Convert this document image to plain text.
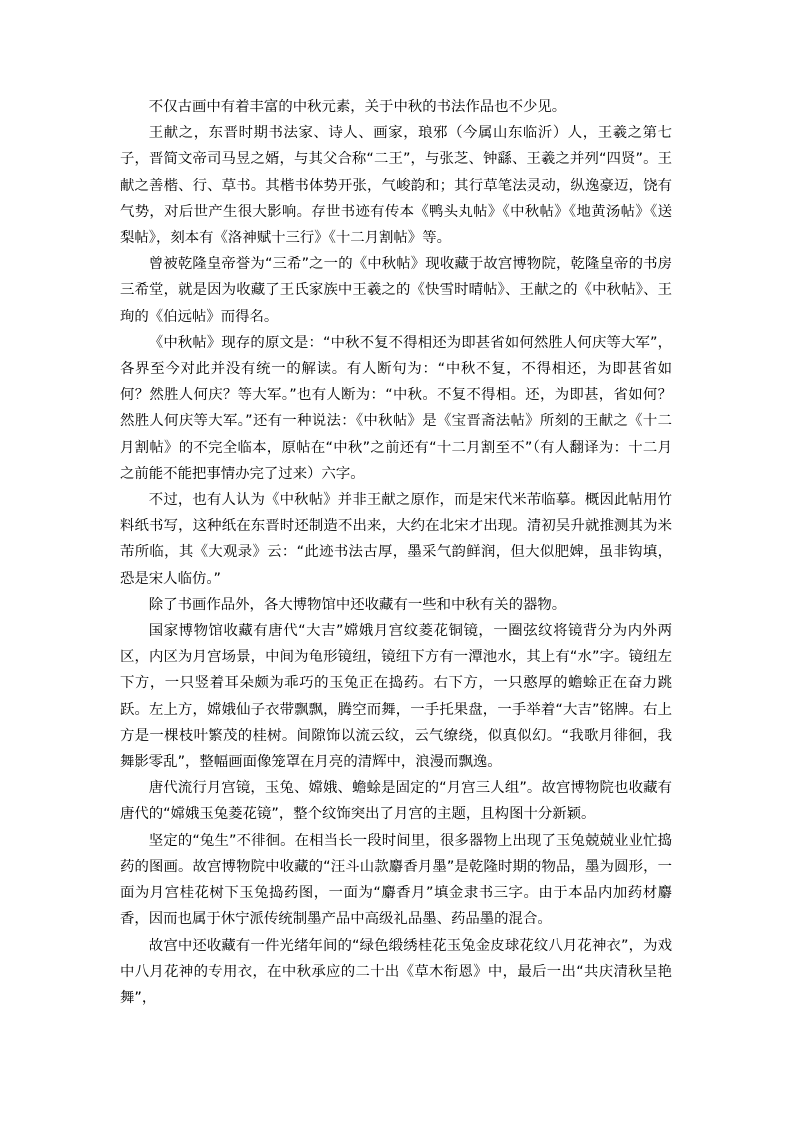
不仅古画中有着丰富的中秋元素，关于中秋的书法作品也不少见。

王献之，东晋时期书法家、诗人、画家，琅邪（今属山东临沂）人，王羲之第七子，晋简文帝司马昱之婿，与其父合称“二王”，与张芝、钟繇、王羲之并列“四贤”。王献之善楷、行、草书。其楷书体势开张，气峻韵和；其行草笔法灵动，纵逸豪迈，饶有气势，对后世产生很大影响。存世书迹有传本《鸭头丸帖》《中秋帖》《地黄汤帖》《送梨帖》，刻本有《洛神赋十三行》《十二月割帖》等。

曾被乾隆皇帝誉为“三希”之一的《中秋帖》现收藏于故宫博物院，乾隆皇帝的书房三希堂，就是因为收藏了王氏家族中王羲之的《快雪时晴帖》、王献之的《中秋帖》、王珣的《伯远帖》而得名。

《中秋帖》现存的原文是：“中秋不复不得相还为即甚省如何然胜人何庆等大军”，各界至今对此并没有统一的解读。有人断句为：“中秋不复，不得相还，为即甚省如何？然胜人何庆？等大军。”也有人断为：“中秋。不复不得相。还，为即甚，省如何？然胜人何庆等大军。”还有一种说法：《中秋帖》是《宝晋斋法帖》所刻的王献之《十二月割帖》的不完全临本，原帖在“中秋”之前还有“十二月割至不”（有人翻译为：十二月之前能不能把事情办完了过来）六字。

不过，也有人认为《中秋帖》并非王献之原作，而是宋代米芾临摹。概因此帖用竹料纸书写，这种纸在东晋时还制造不出来，大约在北宋才出现。清初吴升就推测其为米芾所临，其《大观录》云：“此迹书法古厚，墨采气韵鲜润，但大似肥婢，虽非钩填，恐是宋人临仿。”

除了书画作品外，各大博物馆中还收藏有一些和中秋有关的器物。

国家博物馆收藏有唐代“大吉”嫦娥月宫纹菱花铜镜，一圈弦纹将镜背分为内外两区，内区为月宫场景，中间为龟形镜纽，镜纽下方有一潭池水，其上有“水”字。镜纽左下方，一只竖着耳朵颇为乖巧的玉兔正在捣药。右下方，一只憨厚的蟾蜍正在奋力跳跃。左上方，嫦娥仙子衣带飘飘，腾空而舞，一手托果盘，一手举着“大吉”铭牌。右上方是一棵枝叶繁茂的桂树。间隙饰以流云纹，云气缭绕，似真似幻。“我歌月徘徊，我舞影零乱”，整幅画面像笼罩在月亮的清辉中，浪漫而飘逸。

唐代流行月宫镜，玉兔、嫦娥、蟾蜍是固定的“月宫三人组”。故宫博物院也收藏有唐代的“嫦娥玉兔菱花镜”，整个纹饰突出了月宫的主题，且构图十分新颖。

坚定的“兔生”不徘徊。在相当长一段时间里，很多器物上出现了玉兔兢兢业业忙捣药的图画。故宫博物院中收藏的“汪斗山款麝香月墨”是乾隆时期的物品，墨为圆形，一面为月宫桂花树下玉兔捣药图，一面为“麝香月”填金隶书三字。由于本品内加药材麝香，因而也属于休宁派传统制墨产品中高级礼品墨、药品墨的混合。

故宫中还收藏有一件光绪年间的“绿色缎绣桂花玉兔金皮球花纹八月花神衣”，为戏中八月花神的专用衣，在中秋承应的二十出《草木衔恩》中，最后一出“共庆清秋呈艳舞”，
